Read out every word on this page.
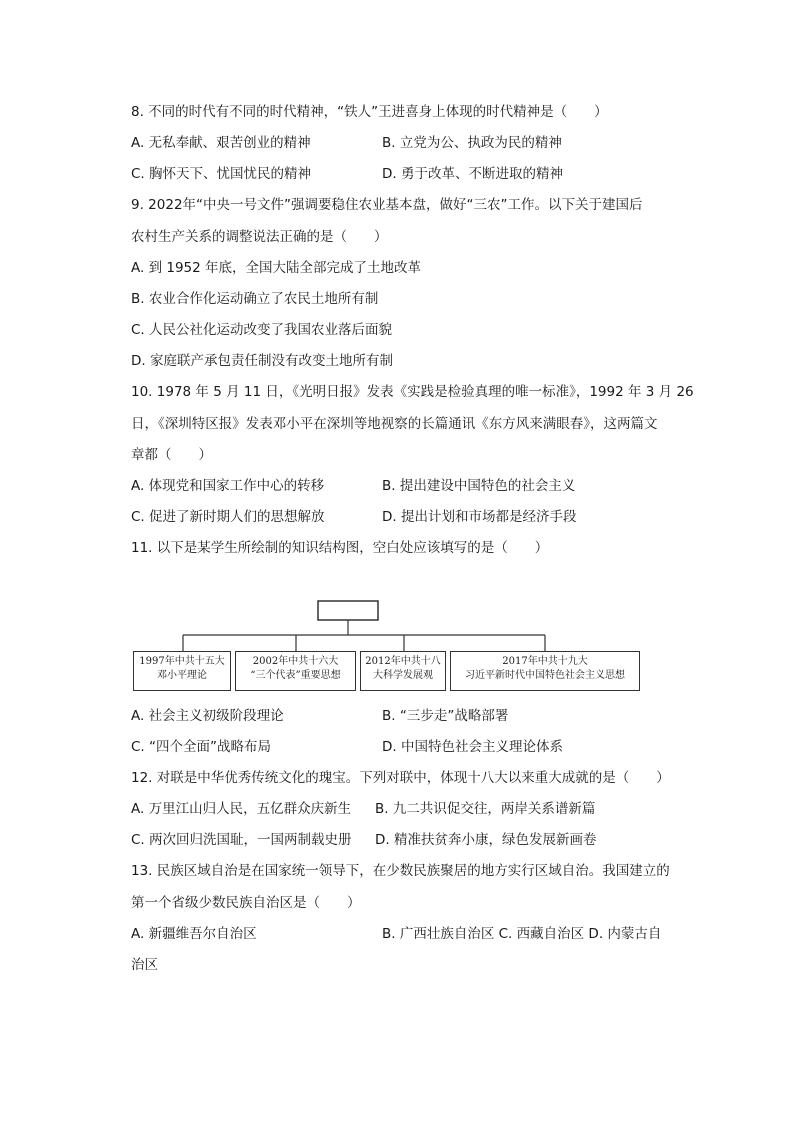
8. 不同的时代有不同的时代精神，“铁人”王进喜身上体现的时代精神是（　　）
A. 无私奉献、艰苦创业的精神	B. 立党为公、执政为民的精神
C. 胸怀天下、忧国忧民的精神	D. 勇于改革、不断进取的精神
9. 2022年“中央一号文件”强调要稳住农业基本盘，做好“三农”工作。以下关于建国后
农村生产关系的调整说法正确的是（　　）
A. 到 1952 年底，全国大陆全部完成了土地改革
B. 农业合作化运动确立了农民土地所有制
C. 人民公社化运动改变了我国农业落后面貌
D. 家庭联产承包责任制没有改变土地所有制
10. 1978 年 5 月 11 日，《光明日报》发表《实践是检验真理的唯一标准》，1992 年 3 月 26
日，《深圳特区报》发表邓小平在深圳等地视察的长篇通讯《东方风来满眼春》，这两篇文
章都（　　）
A. 体现党和国家工作中心的转移	B. 提出建设中国特色的社会主义
C. 促进了新时期人们的思想解放	D. 提出计划和市场都是经济手段
11. 以下是某学生所绘制的知识结构图，空白处应该填写的是（　　）
1997年中共十五大
邓小平理论
2002年中共十六大
“三个代表”重要思想
2012年中共十八
大科学发展观
2017年中共十九大
习近平新时代中国特色社会主义思想
A. 社会主义初级阶段理论	B. “三步走”战略部署
C. “四个全面”战略布局	D. 中国特色社会主义理论体系
12. 对联是中华优秀传统文化的瑰宝。下列对联中，体现十八大以来重大成就的是（　　）
A. 万里江山归人民，五亿群众庆新生 B. 九二共识促交往，两岸关系谱新篇
C. 两次回归洗国耻，一国两制载史册 D. 精准扶贫奔小康，绿色发展新画卷
13. 民族区域自治是在国家统一领导下，在少数民族聚居的地方实行区域自治。我国建立的
第一个省级少数民族自治区是（　　）
A. 新疆维吾尔自治区	B. 广西壮族自治区 C. 西藏自治区 D. 内蒙古自
治区
